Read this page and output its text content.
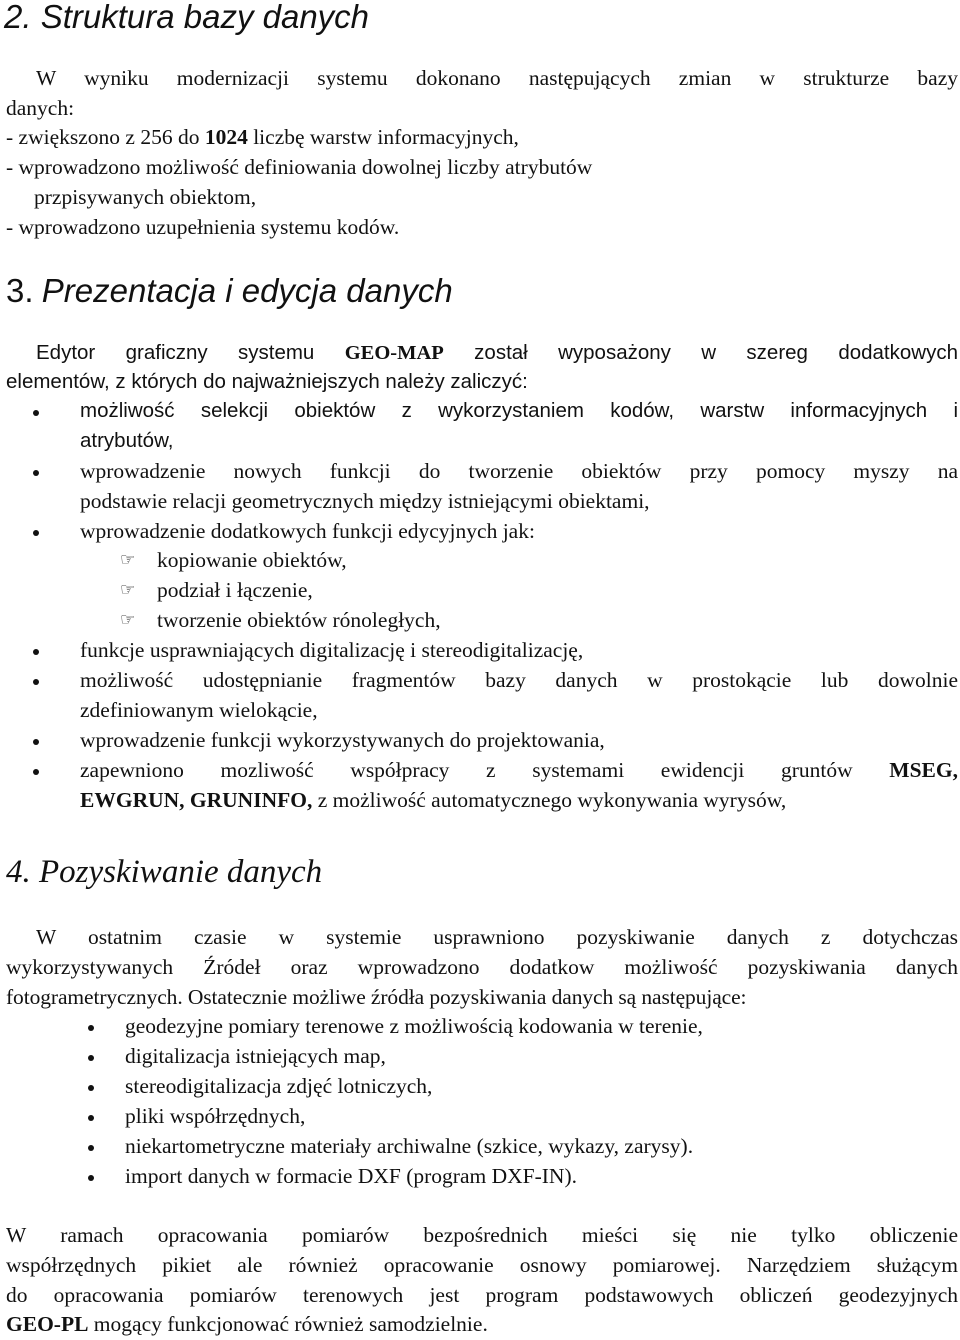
2. Struktura bazy danych

W wyniku modernizacji systemu dokonano następujących zmian w strukturze bazy

danych:

- zwiększono z 256 do 1024 liczbę warstw informacyjnych,

- wprowadzono możliwość definiowania dowolnej liczby atrybutów

przpisywanych obiektom,

- wprowadzono uzupełnienia systemu kodów.

3. Prezentacja i edycja danych

Edytor graficzny systemu GEO-MAP został wyposażony w szereg dodatkowych

elementów, z których do najważniejszych należy zaliczyć:

możliwość selekcji obiektów z wykorzystaniem kodów, warstw informacyjnych i

atrybutów,

wprowadzenie nowych funkcji do tworzenie obiektów przy pomocy myszy na

podstawie relacji geometrycznych między istniejącymi obiektami,

wprowadzenie dodatkowych funkcji edycyjnych jak:

☞ kopiowanie obiektów,

☞ podział i łączenie,

☞ tworzenie obiektów rónoległych,

funkcje usprawniających digitalizację i stereodigitalizację,

możliwość udostępnianie fragmentów bazy danych w prostokącie lub dowolnie

zdefiniowanym wielokącie,

wprowadzenie funkcji wykorzystywanych do projektowania,

zapewniono mozliwość współpracy z systemami ewidencji gruntów MSEG,

EWGRUN, GRUNINFO, z możliwość automatycznego wykonywania wyrysów,

4. Pozyskiwanie danych

W ostatnim czasie w systemie usprawniono pozyskiwanie danych z dotychczas

wykorzystywanych Źródeł oraz wprowadzono dodatkow możliwość pozyskiwania danych

fotogrametrycznych. Ostatecznie możliwe źródła pozyskiwania danych są następujące:

geodezyjne pomiary terenowe z możliwością kodowania w terenie,

digitalizacja istniejących map,

stereodigitalizacja zdjęć lotniczych,

pliki współrzędnych,

niekartometryczne materiały archiwalne (szkice, wykazy, zarysy).

import danych w formacie DXF (program DXF-IN).

W ramach opracowania pomiarów bezpośrednich mieści się nie tylko obliczenie

współrzędnych pikiet ale również opracowanie osnowy pomiarowej. Narzędziem służącym

do opracowania pomiarów terenowych jest program podstawowych obliczeń geodezyjnych

GEO-PL mogący funkcjonować również samodzielnie.
